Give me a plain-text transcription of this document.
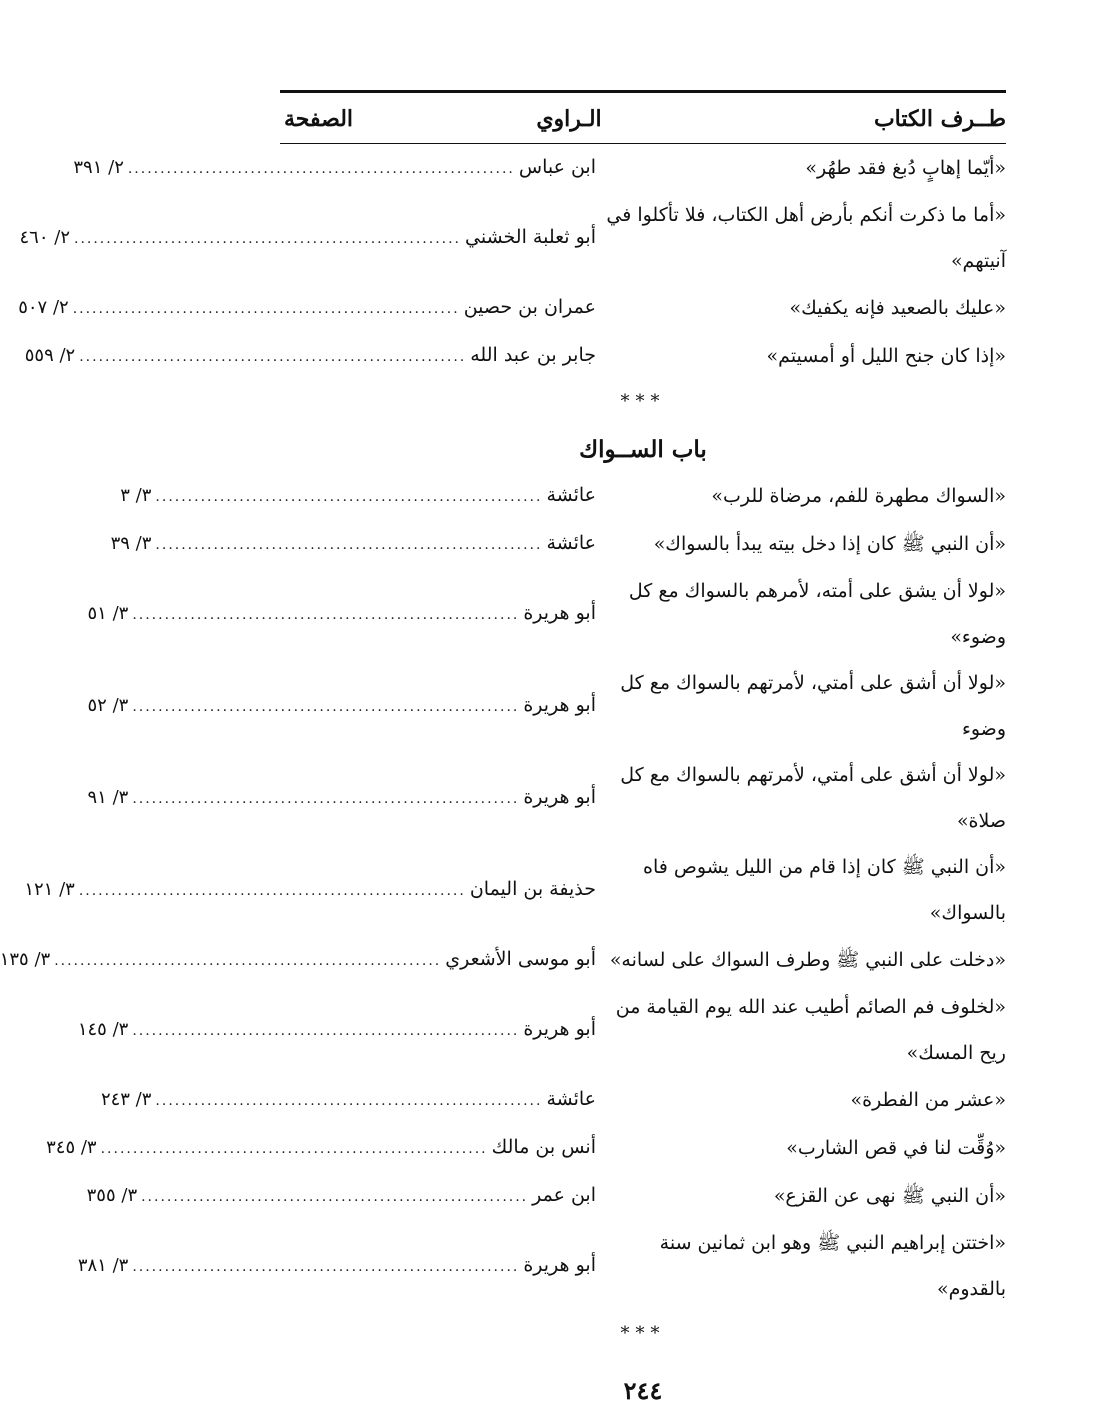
طــرف الكتاب
الـراوي
الصفحة
«أيّما إهابٍ دُبغ فقد طهُر»
ابن عباس
............................................................
٢/ ٣٩١
«أما ما ذكرت أنكم بأرض أهل الكتاب، فلا تأكلوا في آنيتهم»
أبو ثعلبة الخشني
............................................................
٢/ ٤٦٠
«عليك بالصعيد فإنه يكفيك»
عمران بن حصين
............................................................
٢/ ٥٠٧
«إذا كان جنح الليل أو أمسيتم»
جابر بن عبد الله
............................................................
٢/ ٥٥٩
***
باب الســواك
«السواك مطهرة للفم، مرضاة للرب»
عائشة
............................................................
٣/ ٣
«أن النبي ﷺ كان إذا دخل بيته يبدأ بالسواك»
عائشة
............................................................
٣/ ٣٩
«لولا أن يشق على أمته، لأمرهم بالسواك مع كل وضوء»
أبو هريرة
............................................................
٣/ ٥١
«لولا أن أشق على أمتي، لأمرتهم بالسواك مع كل وضوء
أبو هريرة
............................................................
٣/ ٥٢
«لولا أن أشق على أمتي، لأمرتهم بالسواك مع كل صلاة»
أبو هريرة
............................................................
٣/ ٩١
«أن النبي ﷺ كان إذا قام من الليل يشوص فاه بالسواك»
حذيفة بن اليمان
............................................................
٣/ ١٢١
«دخلت على النبي ﷺ وطرف السواك على لسانه»
أبو موسى الأشعري
............................................................
٣/ ١٣٥
«لخلوف فم الصائم أطيب عند الله يوم القيامة من ريح المسك»
أبو هريرة
............................................................
٣/ ١٤٥
«عشر من الفطرة»
عائشة
............................................................
٣/ ٢٤٣
«وُقِّت لنا في قص الشارب»
أنس بن مالك
............................................................
٣/ ٣٤٥
«أن النبي ﷺ نهى عن القزع»
ابن عمر
............................................................
٣/ ٣٥٥
«اختتن إبراهيم النبي ﷺ وهو ابن ثمانين سنة بالقدوم»
أبو هريرة
............................................................
٣/ ٣٨١
***
٢٤٤
